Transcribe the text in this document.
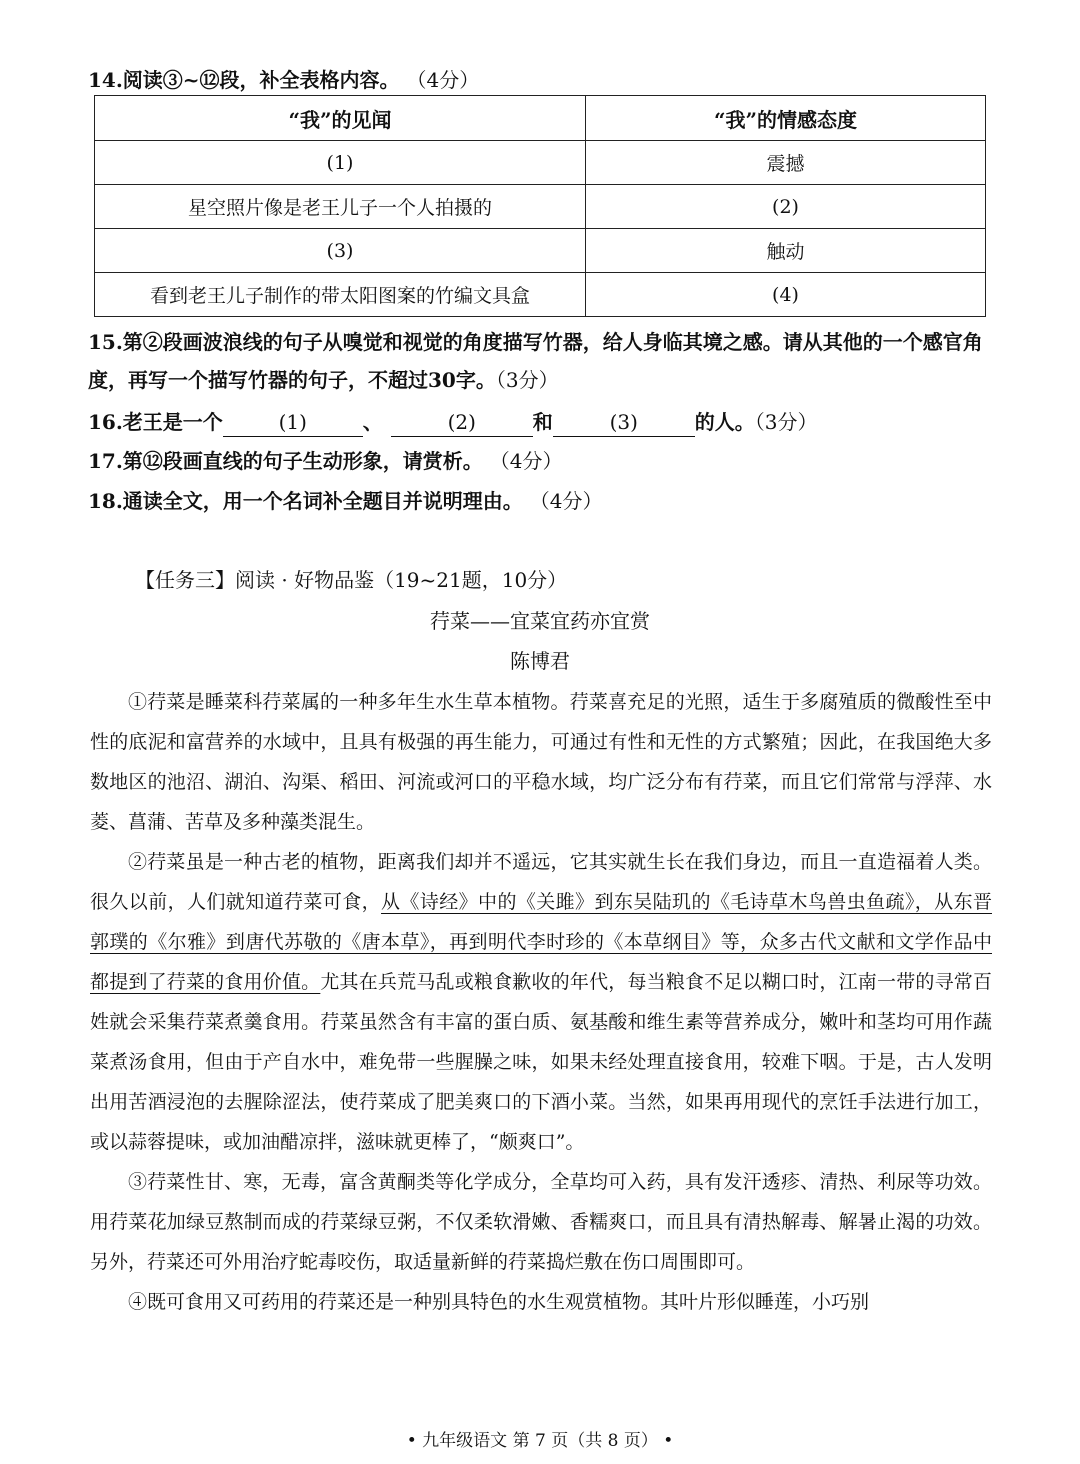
14.阅读③~⑫段，补全表格内容。 （4分）
“我”的见闻	“我”的情感态度
(1)	震撼
星空照片像是老王儿子一个人拍摄的	(2)
(3)	触动
看到老王儿子制作的带太阳图案的竹编文具盒	(4)
15.第②段画波浪线的句子从嗅觉和视觉的角度描写竹器，给人身临其境之感。请从其他的一个感官角度，再写一个描写竹器的句子，不超过30字。（3分）
16.老王是一个	(1)	、	(2)	和	(3)	的人。（3分）
17.第⑫段画直线的句子生动形象，请赏析。 （4分）
18.通读全文，用一个名词补全题目并说明理由。 （4分）
【任务三】阅读 · 好物品鉴（19~21题，10分）
荇菜——宜菜宜药亦宜赏
陈博君

①荇菜是睡菜科荇菜属的一种多年生水生草本植物。荇菜喜充足的光照，适生于多腐殖质的微酸性至中性的底泥和富营养的水域中，且具有极强的再生能力，可通过有性和无性的方式繁殖；因此，在我国绝大多数地区的池沼、湖泊、沟渠、稻田、河流或河口的平稳水域，均广泛分布有荇菜，而且它们常常与浮萍、水菱、菖蒲、苦草及多种藻类混生。

②荇菜虽是一种古老的植物，距离我们却并不遥远，它其实就生长在我们身边，而且一直造福着人类。很久以前，人们就知道荇菜可食，从《诗经》中的《关雎》到东吴陆玑的《毛诗草木鸟兽虫鱼疏》，从东晋郭璞的《尔雅》到唐代苏敬的《唐本草》，再到明代李时珍的《本草纲目》等，众多古代文献和文学作品中都提到了荇菜的食用价值。尤其在兵荒马乱或粮食歉收的年代，每当粮食不足以糊口时，江南一带的寻常百姓就会采集荇菜煮羹食用。荇菜虽然含有丰富的蛋白质、氨基酸和维生素等营养成分，嫩叶和茎均可用作蔬菜煮汤食用，但由于产自水中，难免带一些腥臊之味，如果未经处理直接食用，较难下咽。于是，古人发明出用苦酒浸泡的去腥除涩法，使荇菜成了肥美爽口的下酒小菜。当然，如果再用现代的烹饪手法进行加工，或以蒜蓉提味，或加油醋凉拌，滋味就更棒了，“颇爽口”。

③荇菜性甘、寒，无毒，富含黄酮类等化学成分，全草均可入药，具有发汗透疹、清热、利尿等功效。用荇菜花加绿豆熬制而成的荇菜绿豆粥，不仅柔软滑嫩、香糯爽口，而且具有清热解毒、解暑止渴的功效。另外，荇菜还可外用治疗蛇毒咬伤，取适量新鲜的荇菜捣烂敷在伤口周围即可。

④既可食用又可药用的荇菜还是一种别具特色的水生观赏植物。其叶片形似睡莲，小巧别

• 九年级语文 第 7 页（共 8 页） •
